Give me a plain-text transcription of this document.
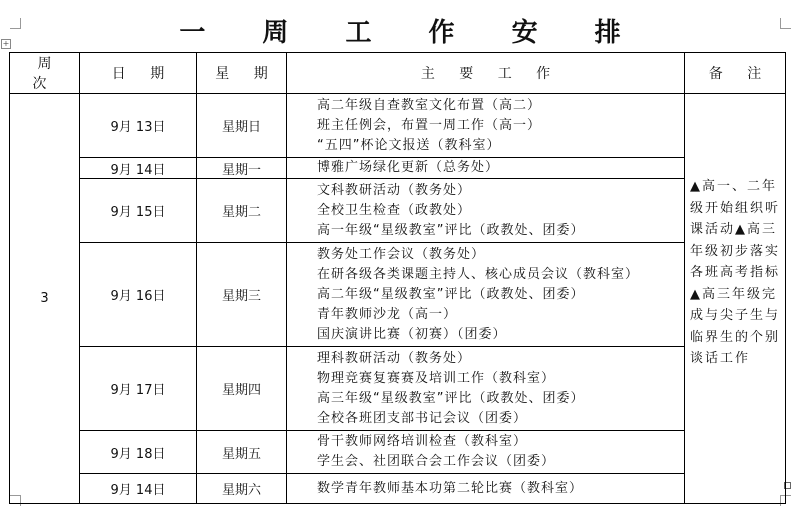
+	一 周 工 作 安 排
周 次	日 期	星 期	主 要 工 作	备 注
3	9月 13日	星期日	高二年级自查教室文化布置（高二）
班主任例会，布置一周工作（高一）
“五四”杯论文报送（教科室）	▲高一、二年级开始组织听课活动▲高三年级初步落实各班高考指标▲高三年级完成与尖子生与临界生的个别谈话工作

	9月 14日	星期一	博雅广场绿化更新（总务处）	

	9月 15日	星期二	文科教研活动（教务处）
全校卫生检查（政教处）
高一年级“星级教室”评比（政教处、团委）	

	9月 16日	星期三	教务处工作会议（教务处）
在研各级各类课题主持人、核心成员会议（教科室）
高二年级“星级教室”评比（政教处、团委）
青年教师沙龙（高一）
国庆演讲比赛（初赛）（团委）	

	9月 17日	星期四	理科教研活动（教务处）
物理竞赛复赛赛及培训工作（教科室）
高三年级“星级教室”评比（政教处、团委）
全校各班团支部书记会议（团委）	

	9月 18日	星期五	骨干教师网络培训检查（教科室）
学生会、社团联合会工作会议（团委）	

	9月 14日	星期六	数学青年教师基本功第二轮比赛（教科室）	
